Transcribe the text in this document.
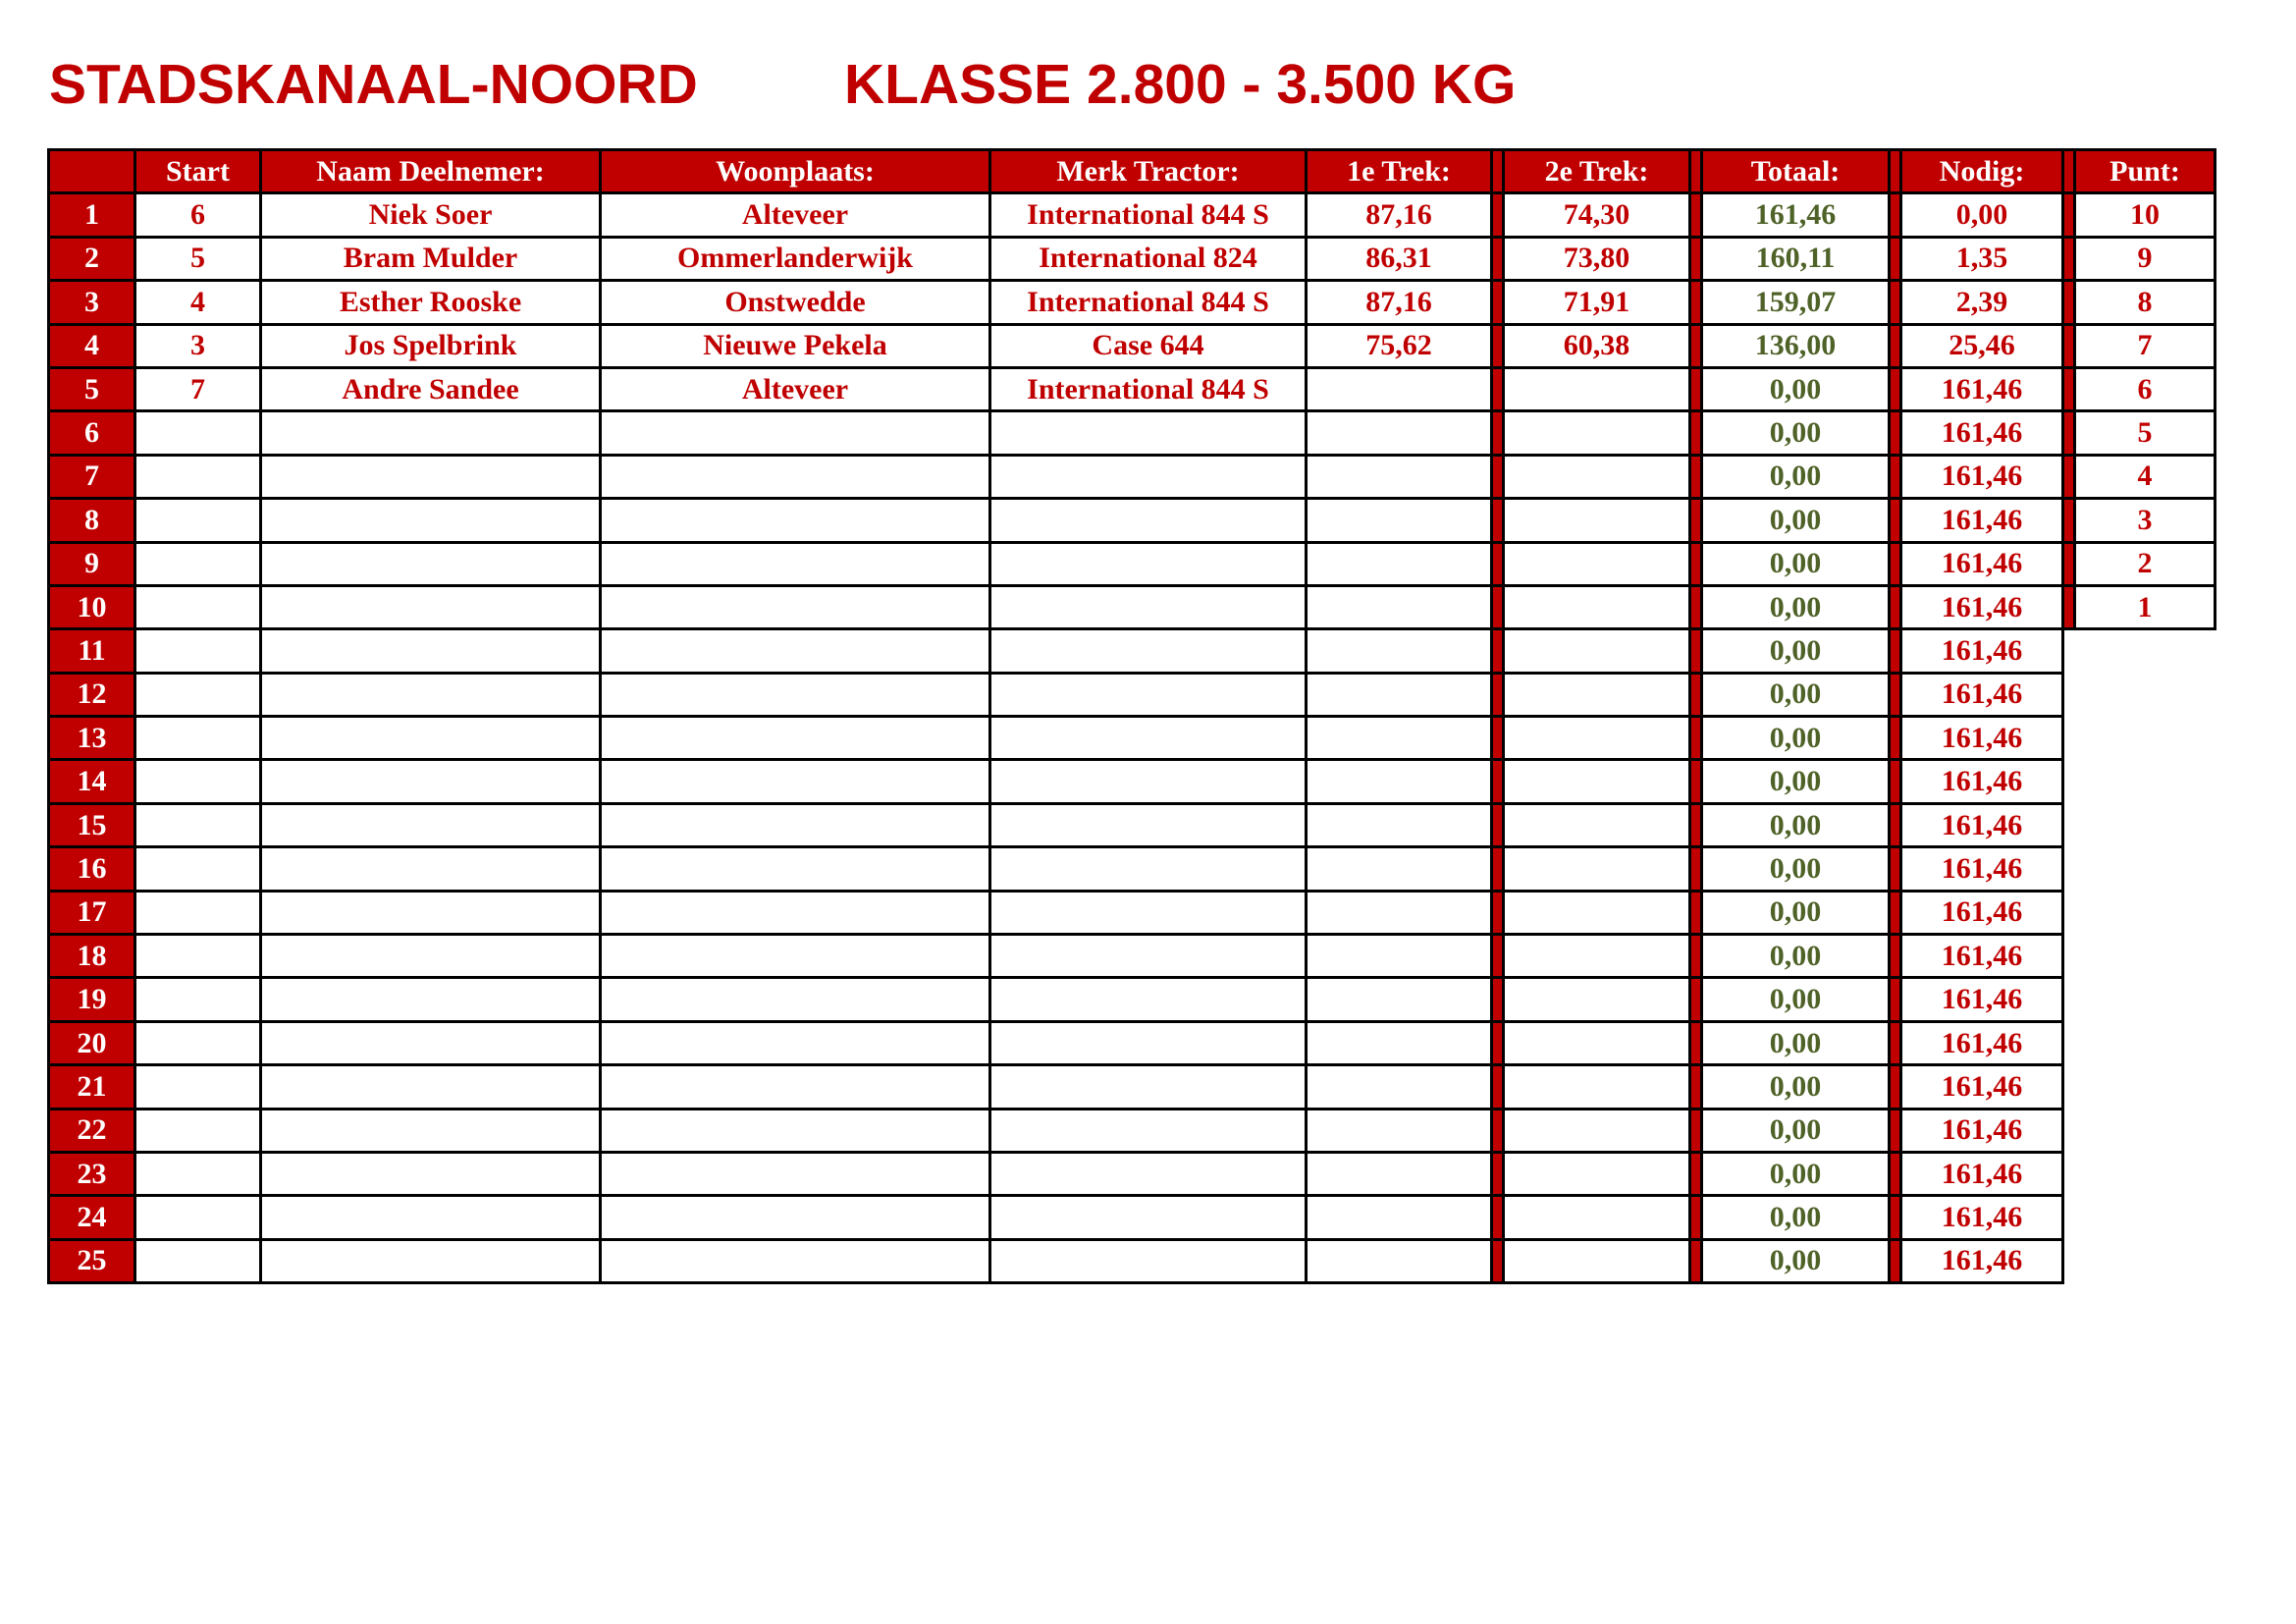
STADSKANAAL-NOORD	KLASSE 2.800 - 3.500 KG
	Start	Naam Deelnemer:	Woonplaats:	Merk Tractor:	1e Trek:		2e Trek:		Totaal:		Nodig:		Punt:
1	6	Niek Soer	Alteveer	International 844 S	87,16		74,30		161,46		0,00		10
2	5	Bram Mulder	Ommerlanderwijk	International 824	86,31		73,80		160,11		1,35		9
3	4	Esther Rooske	Onstwedde	International 844 S	87,16		71,91		159,07		2,39		8
4	3	Jos Spelbrink	Nieuwe Pekela	Case 644	75,62		60,38		136,00		25,46		7
5	7	Andre Sandee	Alteveer	International 844 S					0,00		161,46		6
6									0,00		161,46		5
7									0,00		161,46		4
8									0,00		161,46		3
9									0,00		161,46		2
10									0,00		161,46		1
11									0,00		161,46		
12									0,00		161,46		
13									0,00		161,46		
14									0,00		161,46		
15									0,00		161,46		
16									0,00		161,46		
17									0,00		161,46		
18									0,00		161,46		
19									0,00		161,46		
20									0,00		161,46		
21									0,00		161,46		
22									0,00		161,46		
23									0,00		161,46		
24									0,00		161,46		
25									0,00		161,46		
